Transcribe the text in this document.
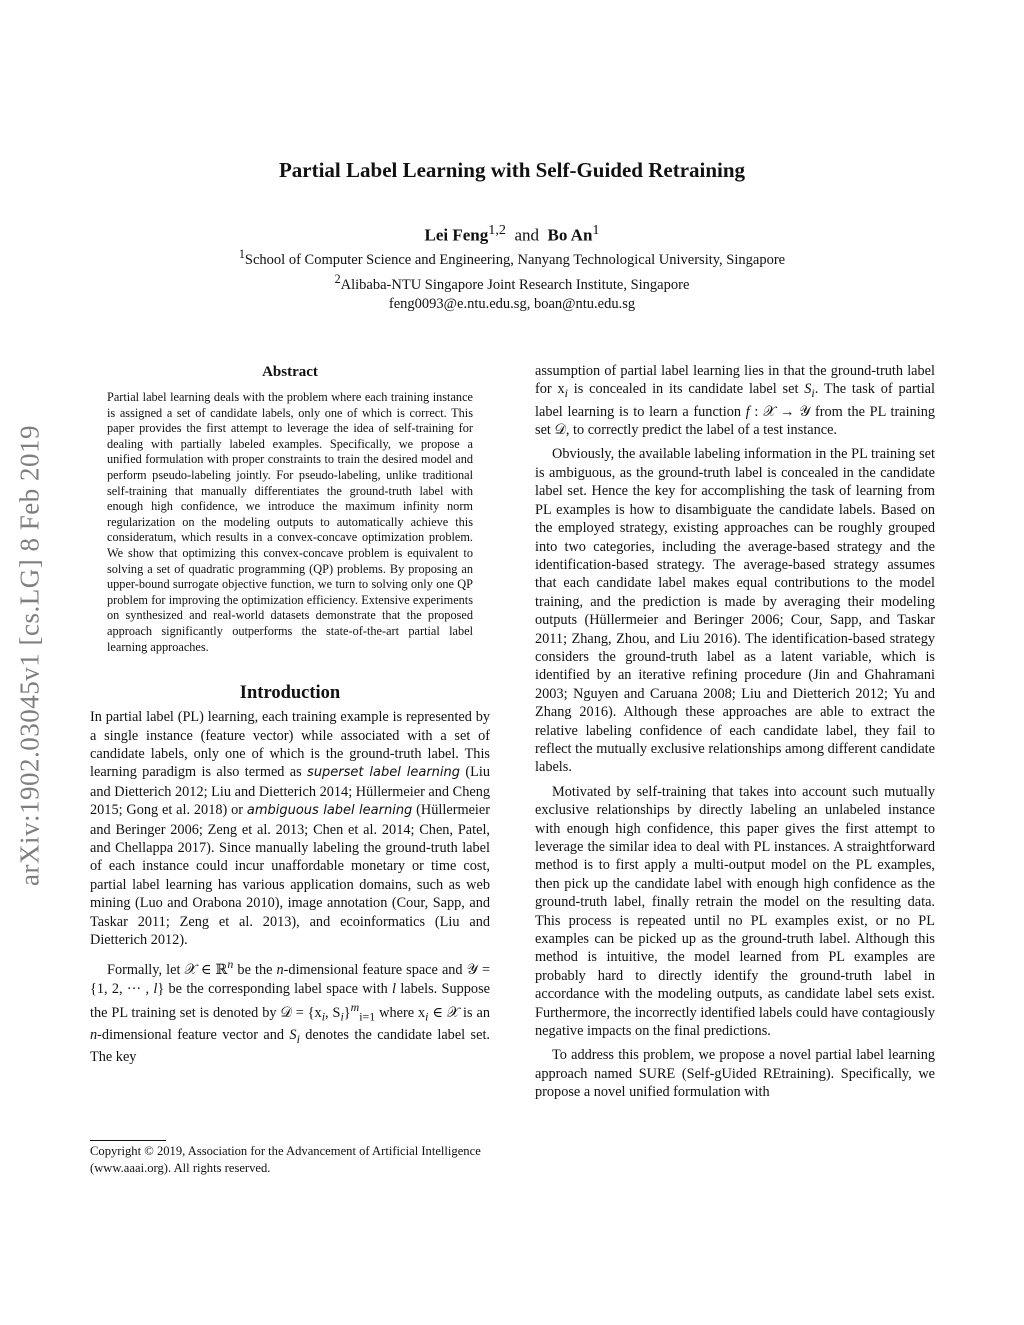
Partial Label Learning with Self-Guided Retraining
Lei Feng$^{1,2}$ and Bo An$^1$
$^1$School of Computer Science and Engineering, Nanyang Technological University, Singapore
$^2$Alibaba-NTU Singapore Joint Research Institute, Singapore
feng0093@e.ntu.edu.sg, boan@ntu.edu.sg
arXiv:1902.03045v1 [cs.LG] 8 Feb 2019
Abstract
Partial label learning deals with the problem where each training instance is assigned a set of candidate labels, only one of which is correct. This paper provides the first attempt to leverage the idea of self-training for dealing with partially labeled examples. Specifically, we propose a unified formulation with proper constraints to train the desired model and perform pseudo-labeling jointly. For pseudo-labeling, unlike traditional self-training that manually differentiates the ground-truth label with enough high confidence, we introduce the maximum infinity norm regularization on the modeling outputs to automatically achieve this consideratum, which results in a convex-concave optimization problem. We show that optimizing this convex-concave problem is equivalent to solving a set of quadratic programming (QP) problems. By proposing an upper-bound surrogate objective function, we turn to solving only one QP problem for improving the optimization efficiency. Extensive experiments on synthesized and real-world datasets demonstrate that the proposed approach significantly outperforms the state-of-the-art partial label learning approaches.
Introduction

In partial label (PL) learning, each training example is represented by a single instance (feature vector) while associated with a set of candidate labels, only one of which is the ground-truth label. This learning paradigm is also termed as superset label learning (Liu and Dietterich 2012; Liu and Dietterich 2014; Hüllermeier and Cheng 2015; Gong et al. 2018) or ambiguous label learning (Hüllermeier and Beringer 2006; Zeng et al. 2013; Chen et al. 2014; Chen, Patel, and Chellappa 2017). Since manually labeling the ground-truth label of each instance could incur unaffordable monetary or time cost, partial label learning has various application domains, such as web mining (Luo and Orabona 2010), image annotation (Cour, Sapp, and Taskar 2011; Zeng et al. 2013), and ecoinformatics (Liu and Dietterich 2012).

Formally, let 𝒳 ∈ ℝ$^n$ be the n-dimensional feature space and 𝒴 = {1, 2, ··· , l} be the corresponding label space with l labels. Suppose the PL training set is denoted by 𝒟 = {$x_i$, $S_i\}^m_{i=1}$ where $x_i$ ∈ 𝒳 is an n-dimensional feature vector and $S_i$ denotes the candidate label set. The key

Copyright © 2019, Association for the Advancement of Artificial Intelligence (www.aaai.org). All rights reserved.

assumption of partial label learning lies in that the ground-truth label for $x_i$ is concealed in its candidate label set $S_i$. The task of partial label learning is to learn a function f : 𝒳 → 𝒴 from the PL training set 𝒟, to correctly predict the label of a test instance.

Obviously, the available labeling information in the PL training set is ambiguous, as the ground-truth label is concealed in the candidate label set. Hence the key for accomplishing the task of learning from PL examples is how to disambiguate the candidate labels. Based on the employed strategy, existing approaches can be roughly grouped into two categories, including the average-based strategy and the identification-based strategy. The average-based strategy assumes that each candidate label makes equal contributions to the model training, and the prediction is made by averaging their modeling outputs (Hüllermeier and Beringer 2006; Cour, Sapp, and Taskar 2011; Zhang, Zhou, and Liu 2016). The identification-based strategy considers the ground-truth label as a latent variable, which is identified by an iterative refining procedure (Jin and Ghahramani 2003; Nguyen and Caruana 2008; Liu and Dietterich 2012; Yu and Zhang 2016). Although these approaches are able to extract the relative labeling confidence of each candidate label, they fail to reflect the mutually exclusive relationships among different candidate labels.

Motivated by self-training that takes into account such mutually exclusive relationships by directly labeling an unlabeled instance with enough high confidence, this paper gives the first attempt to leverage the similar idea to deal with PL instances. A straightforward method is to first apply a multi-output model on the PL examples, then pick up the candidate label with enough high confidence as the ground-truth label, finally retrain the model on the resulting data. This process is repeated until no PL examples exist, or no PL examples can be picked up as the ground-truth label. Although this method is intuitive, the model learned from PL examples are probably hard to directly identify the ground-truth label in accordance with the modeling outputs, as candidate label sets exist. Furthermore, the incorrectly identified labels could have contagiously negative impacts on the final predictions.

To address this problem, we propose a novel partial label learning approach named SURE (Self-gUided REtraining). Specifically, we propose a novel unified formulation with
